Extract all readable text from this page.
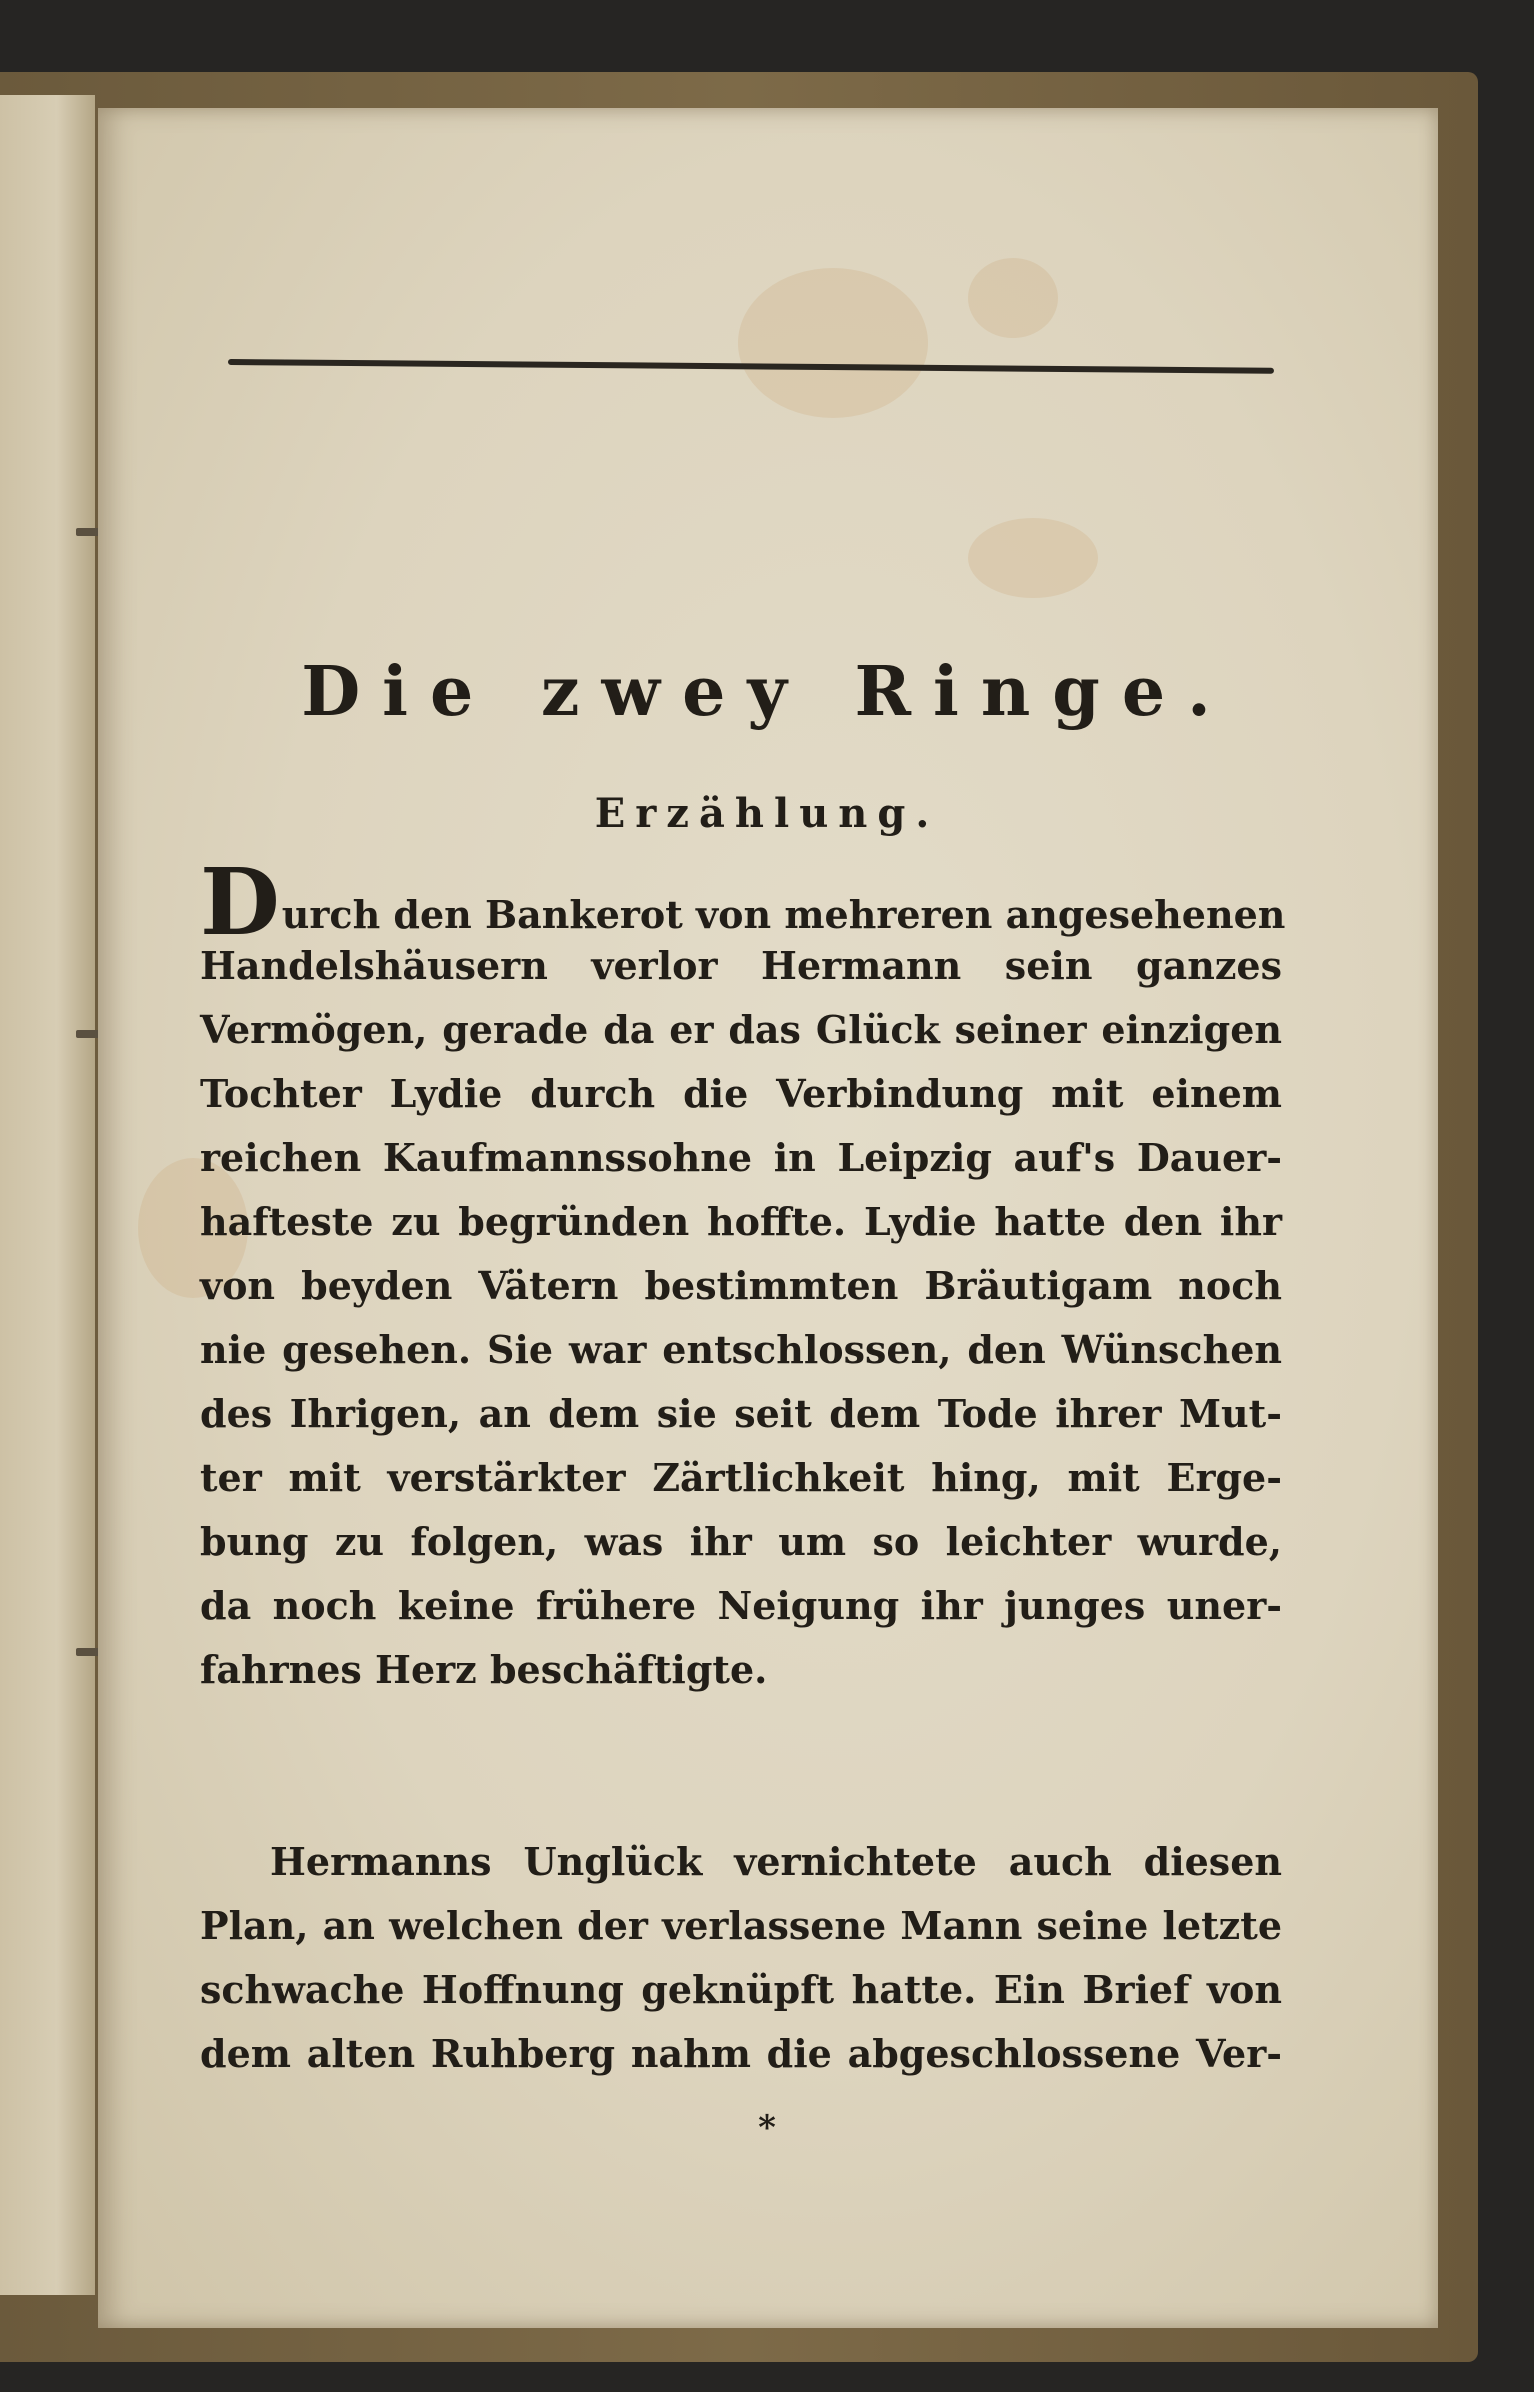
Die zwey Ringe.
Erzählung.
Durch den Bankerot von mehreren angesehenen
Handelshäusern verlor Hermann sein ganzes
Vermögen, gerade da er das Glück seiner einzigen
Tochter Lydie durch die Verbindung mit einem
reichen Kaufmannssohne in Leipzig auf's Dauer-
hafteste zu begründen hoffte. Lydie hatte den ihr
von beyden Vätern bestimmten Bräutigam noch
nie gesehen. Sie war entschlossen, den Wünschen
des Ihrigen, an dem sie seit dem Tode ihrer Mut-
ter mit verstärkter Zärtlichkeit hing, mit Erge-
bung zu folgen, was ihr um so leichter wurde,
da noch keine frühere Neigung ihr junges uner-
fahrnes Herz beschäftigte.
Hermanns Unglück vernichtete auch diesen
Plan, an welchen der verlassene Mann seine letzte
schwache Hoffnung geknüpft hatte. Ein Brief von
dem alten Ruhberg nahm die abgeschlossene Ver-
*
